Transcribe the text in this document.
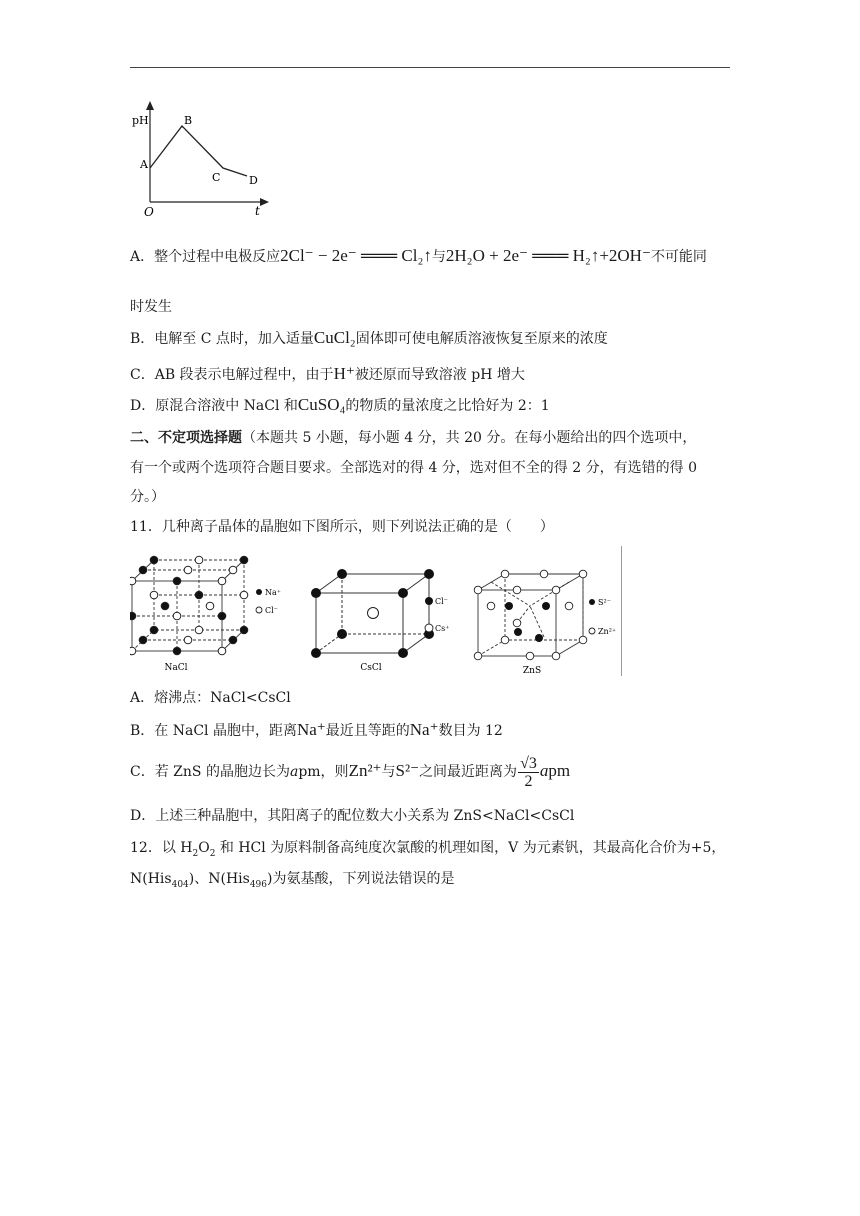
pH
t
O
A
B
C	D
A．整个过程中电极反应2Cl⁻ − 2e⁻ ═══ Cl₂↑与2H₂O + 2e⁻ ═══ H₂↑+2OH⁻不可能同
时发生
B．电解至 C 点时，加入适量CuCl₂固体即可使电解质溶液恢复至原来的浓度
C．AB 段表示电解过程中，由于H⁺被还原而导致溶液 pH 增大
D．原混合溶液中 NaCl 和CuSO₄的物质的量浓度之比恰好为 2：1
二、不定项选择题（本题共 5 小题，每小题 4 分，共 20 分。在每小题给出的四个选项中，
有一个或两个选项符合题目要求。全部选对的得 4 分，选对但不全的得 2 分，有选错的得 0
分。）
11．几种离子晶体的晶胞如下图所示，则下列说法正确的是（　　）
Na⁺
Cl⁻
NaCl
Cl⁻
Cs⁺
CsCl
S²⁻
Zn²⁺
ZnS
A．熔沸点：NaCl<CsCl
B．在 NaCl 晶胞中，距离Na⁺最近且等距的Na⁺数目为 12
C．若 ZnS 的晶胞边长为apm，则Zn²⁺与S²⁻之间最近距离为 $\frac{√3}{2}$ apm
D．上述三种晶胞中，其阳离子的配位数大小关系为 ZnS<NaCl<CsCl
12．以 $H_2O_2$ 和 HCl 为原料制备高纯度次氯酸的机理如图，V 为元素钒，其最高化合价为+5，
N(His$_{404}$)、N(His$_{496}$)为氨基酸，下列说法错误的是
